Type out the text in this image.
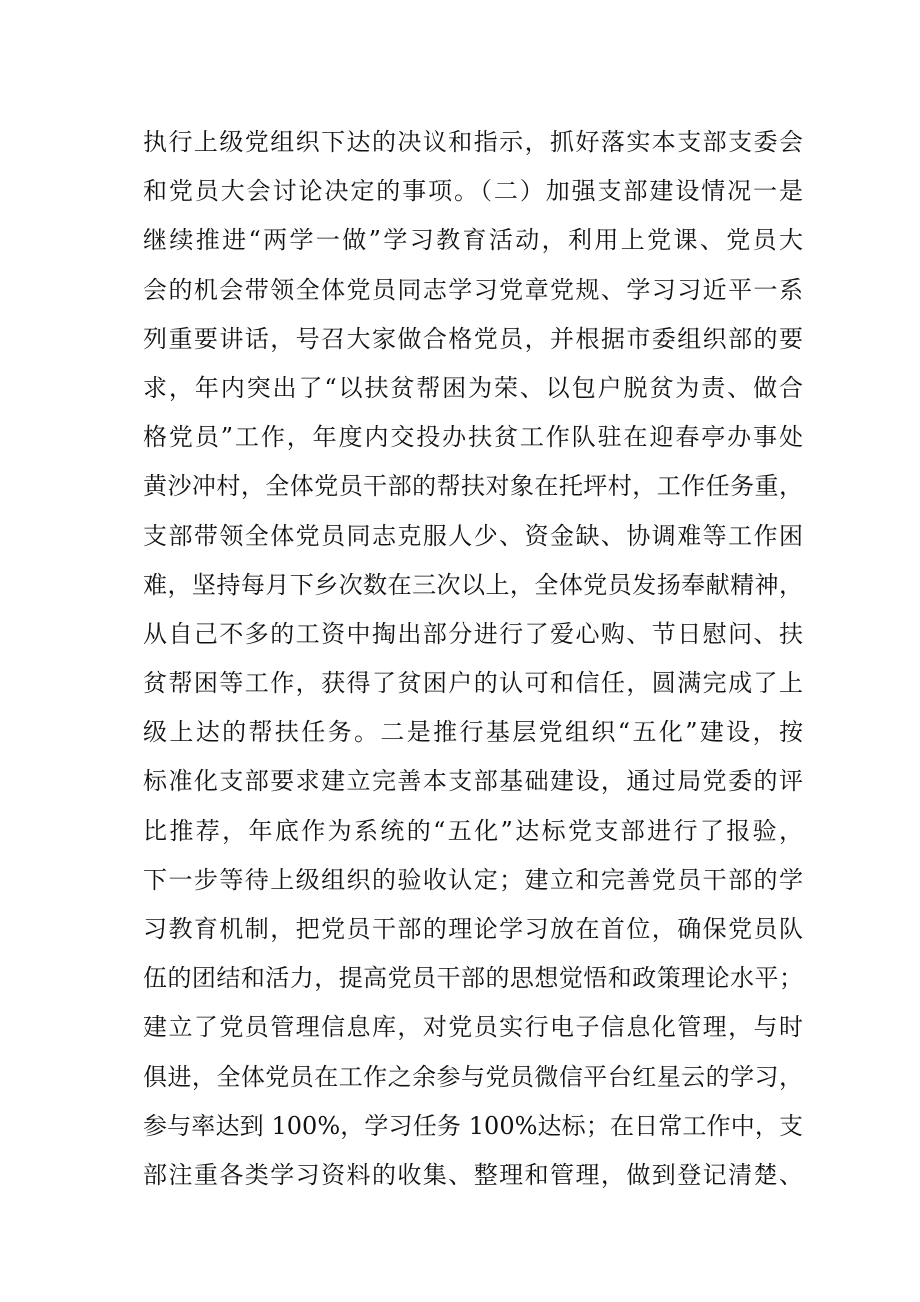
执行上级党组织下达的决议和指示，抓好落实本支部支委会
和党员大会讨论决定的事项。（二）加强支部建设情况一是
继续推进“两学一做”学习教育活动，利用上党课、党员大
会的机会带领全体党员同志学习党章党规、学习习近平一系
列重要讲话，号召大家做合格党员，并根据市委组织部的要
求，年内突出了“以扶贫帮困为荣、以包户脱贫为责、做合
格党员”工作，年度内交投办扶贫工作队驻在迎春亭办事处
黄沙冲村，全体党员干部的帮扶对象在托坪村，工作任务重，
支部带领全体党员同志克服人少、资金缺、协调难等工作困
难，坚持每月下乡次数在三次以上，全体党员发扬奉献精神，
从自己不多的工资中掏出部分进行了爱心购、节日慰问、扶
贫帮困等工作，获得了贫困户的认可和信任，圆满完成了上
级上达的帮扶任务。二是推行基层党组织“五化”建设，按
标准化支部要求建立完善本支部基础建设，通过局党委的评
比推荐，年底作为系统的“五化”达标党支部进行了报验，
下一步等待上级组织的验收认定；建立和完善党员干部的学
习教育机制，把党员干部的理论学习放在首位，确保党员队
伍的团结和活力，提高党员干部的思想觉悟和政策理论水平；
建立了党员管理信息库，对党员实行电子信息化管理，与时
俱进，全体党员在工作之余参与党员微信平台红星云的学习，
参与率达到 100%，学习任务 100%达标；在日常工作中，支
部注重各类学习资料的收集、整理和管理，做到登记清楚、
